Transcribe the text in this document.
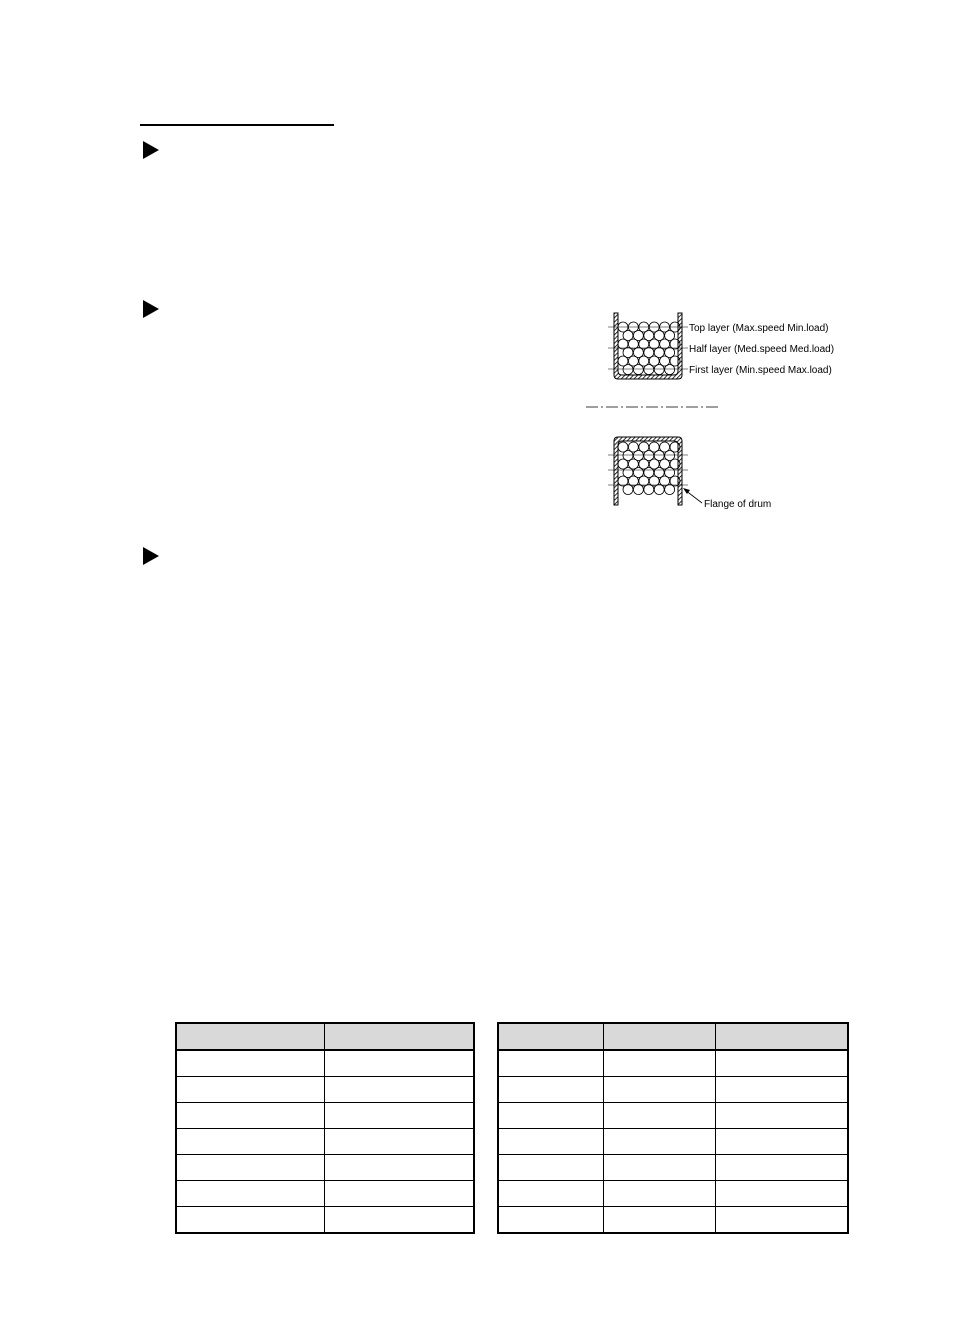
Top layer (Max.speed Min.load)
Half layer (Med.speed Med.load)
First layer (Min.speed Max.load)
Flange of drum
